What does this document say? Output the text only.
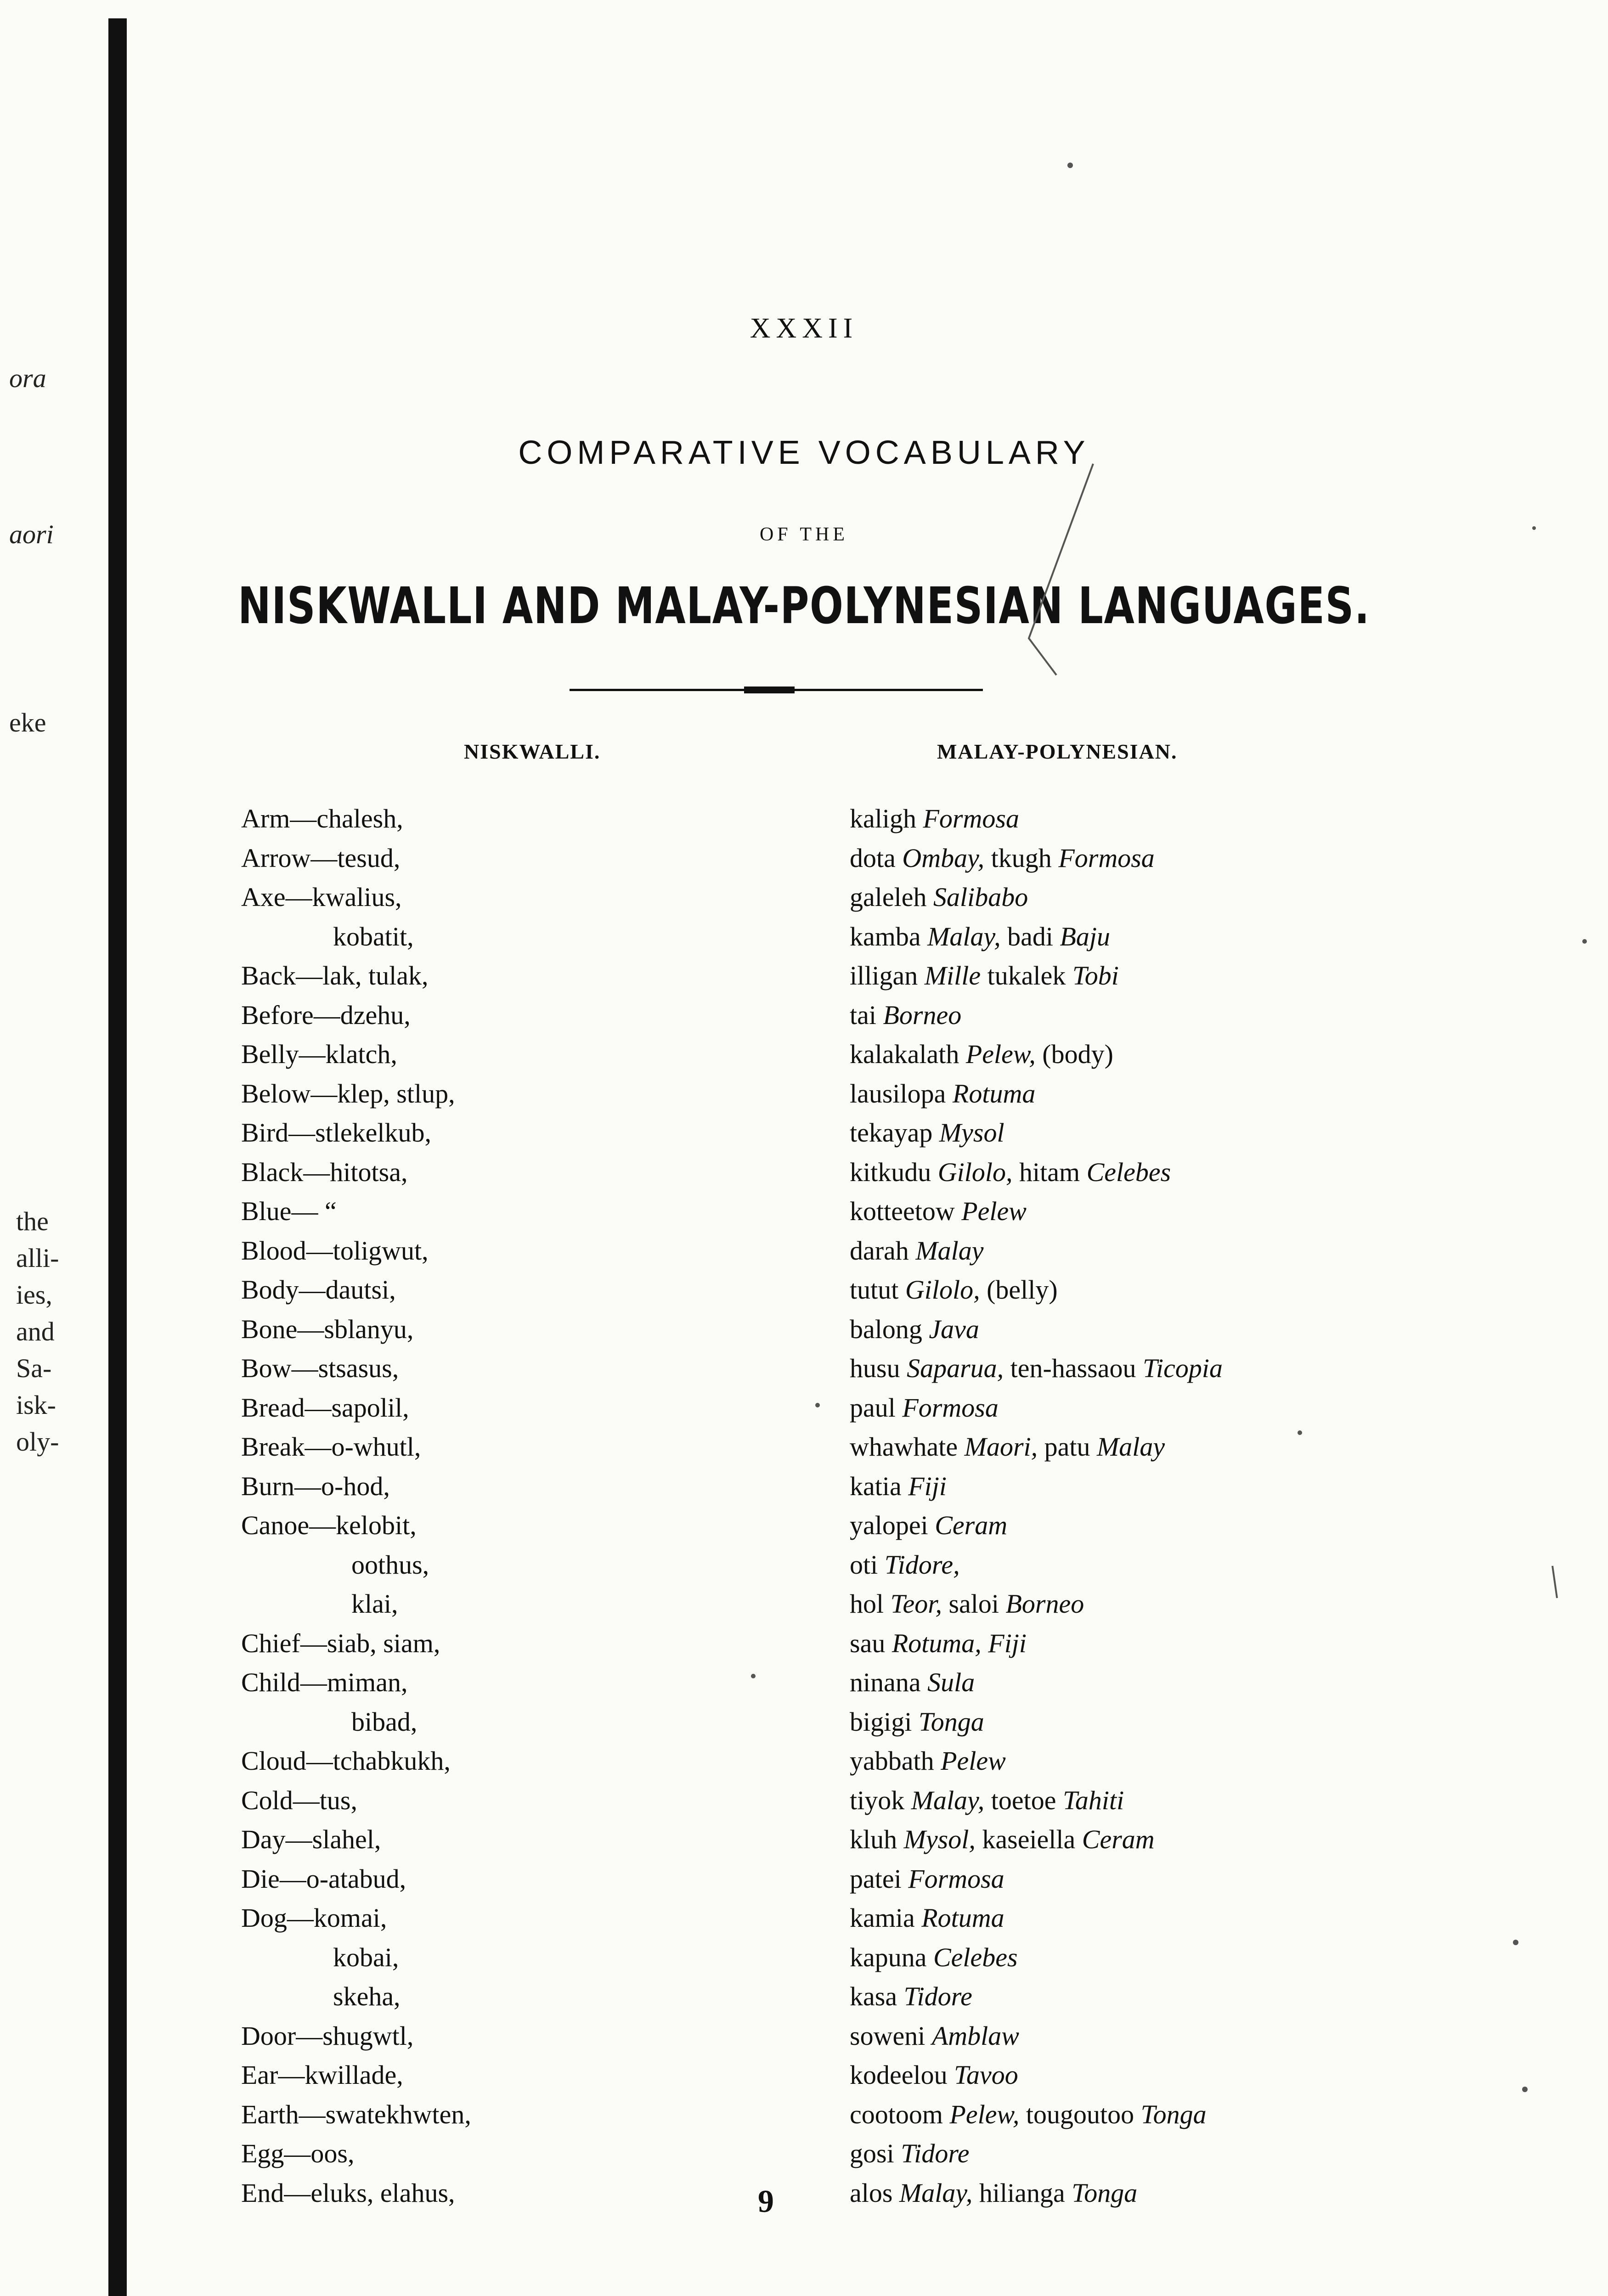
ora
aori
eke
the
alli-
ies,
and
Sa-
isk-
oly-
XXXII
COMPARATIVE VOCABULARY
OF THE
NISKWALLI AND MALAY-POLYNESIAN LANGUAGES.
NISKWALLI.	MALAY-POLYNESIAN.
Arm—chalesh,
Arrow—tesud,
Axe—kwalius,
kobatit,
Back—lak, tulak,
Before—dzehu,
Belly—klatch,
Below—klep, stlup,
Bird—stlekelkub,
Black—hitotsa,
Blue— “
Blood—toligwut,
Body—dautsi,
Bone—sblanyu,
Bow—stsasus,
Bread—sapolil,
Break—o-whutl,
Burn—o-hod,
Canoe—kelobit,
oothus,
klai,
Chief—siab, siam,
Child—miman,
bibad,
Cloud—tchabkukh,
Cold—tus,
Day—slahel,
Die—o-atabud,
Dog—komai,
kobai,
skeha,
Door—shugwtl,
Ear—kwillade,
Earth—swatekhwten,
Egg—oos,
End—eluks, elahus,
kaligh Formosa
dota Ombay, tkugh Formosa
galeleh Salibabo
kamba Malay, badi Baju
illigan Mille tukalek Tobi
tai Borneo
kalakalath Pelew, (body)
lausilopa Rotuma
tekayap Mysol
kitkudu Gilolo, hitam Celebes
kotteetow Pelew
darah Malay
tutut Gilolo, (belly)
balong Java
husu Saparua, ten-hassaou Ticopia
paul Formosa
whawhate Maori, patu Malay
katia Fiji
yalopei Ceram
oti Tidore,
hol Teor, saloi Borneo
sau Rotuma, Fiji
ninana Sula
bigigi Tonga
yabbath Pelew
tiyok Malay, toetoe Tahiti
kluh Mysol, kaseiella Ceram
patei Formosa
kamia Rotuma
kapuna Celebes
kasa Tidore
soweni Amblaw
kodeelou Tavoo
cootoom Pelew, tougoutoo Tonga
gosi Tidore
alos Malay, hilianga Tonga
9
